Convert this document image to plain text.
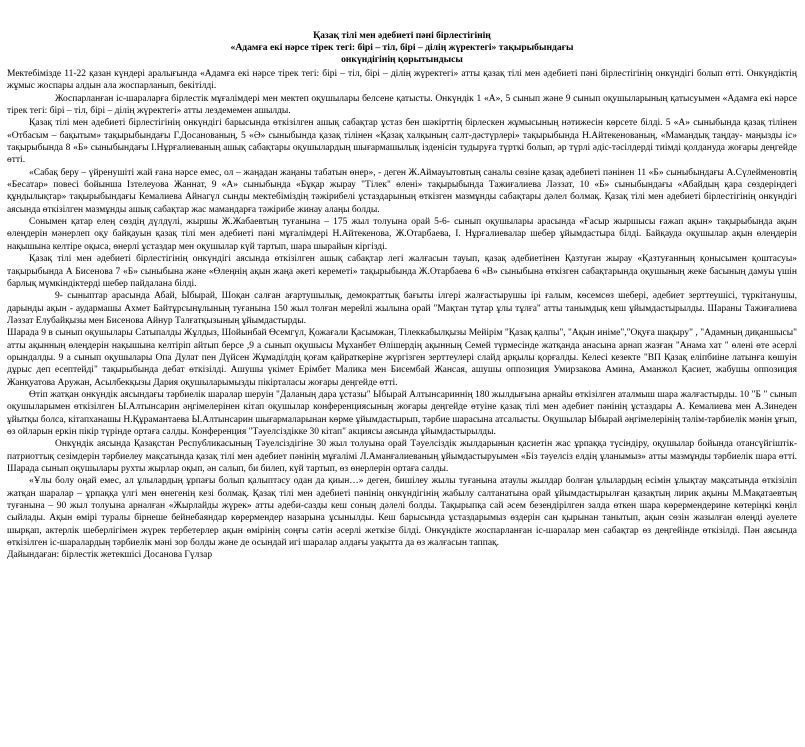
Қазақ тілі мен әдебиеті пәні бірлестігінің

«Адамға екі нәрсе тірек тегі: бірі – тіл, бірі – ділің жүректегі» тақырыбындағы

онкүндігінің қорытындысы

Мектебімізде 11-22 қазан күндері аралығында «Адамға екі нәрсе тірек тегі: бірі – тіл, бірі – ділің жүректегі» атты қазақ тілі мен әдебиеті пәні бірлестігінің онкүндігі болып өтті. Онкүндіктің жұмыс жоспары алдын ала жоспарланып, бекітілді.

Жоспарланған іс-шараларға бірлестік мұғалімдері мен мектеп оқушылары белсене қатысты. Онкүндік 1 «А», 5 сынып және 9 сынып оқушыларының қатысуымен «Адамға екі нәрсе тірек тегі: бірі – тіл, бірі – ділің жүректегі» атты лездемемен ашылды.

Қазақ тілі мен әдебиеті бірлестігінің онкүндігі барысында өткізілген ашық сабақтар ұстаз бен шәкірттің бірлескен жұмысының нәтижесін көрсете білді. 5 «А» сыныбында қазақ тілінен «Отбасым – бақытым» тақырыбындағы Г.Досанованың, 5 «Ә» сыныбында қазақ тілінен «Қазақ халқының салт-дәстүрлері» тақырыбында Н.Айтекенованың, «Мамандық таңдау- маңызды іс» тақырыбында 8 «Б» сыныбындағы І.Нұрғалиеваның ашық сабақтары оқушылардың шығармашылық ізденісін тудыруға түрткі болып, әр түрлі әдіс-тәсілдерді тиімді қолдануда жоғары деңгейде өтті.

«Сабақ беру – үйренушіті жай ғана нәрсе емес, ол – жаңадан жаңаны табатын өнер», - деген Ж.Аймауытовтың саналы сөзіне қазақ әдебиеті пәнінен 11 «Б» сыныбындағы А.Сүлейменовтің «Бесатар» повесі бойынша Ізтелеуова Жаннат, 9 «А» сыныбында «Бұқар жырау "Тілек" өлені» тақырыбында Тажиғалиева Ләззат, 10 «Б» сыныбындағы «Абайдың қара сөздеріндегі құндылықтар» тақырыбындағы Кемалиева Айнагүл сынды мектебіміздің тәжірибелі ұстаздарының өткізген мазмұнды сабақтары дәлел болмақ. Қазақ тілі мен әдебиеті бірлестігінің онкүндігі аясында өткізілген мазмұнды ашық сабақтар жас мамандарға тәжірибе жинау алаңы болды.

Сонымен қатар елең сөздің дүлдүлі, жыршы Ж.Жабаевтың туғанына – 175 жыл толуына орай 5-6- сынып оқушылары арасында «Ғасыр жыршысы ғажап ақын» тақырыбында ақын өлеңдерін мәнерлеп оқу байқауын қазақ тілі мен әдебиеті пәні мұғалімдері Н.Айтекенова, Ж.Отарбаева, І. Нұрғалиевалар шебер ұйымдастыра білді. Байқауда оқушылар ақын өлеңдерін нақышына келтіре оқыса, өнерлі ұстаздар мен оқушылар күй тартып, шара шырайын кіргізді.

Қазақ тілі мен әдебиеті бірлестігінің онкүндігі аясында өткізілген ашық сабақтар легі жалғасын тауып, қазақ әдебиетінен Қазтуған жырау «Қазтуғанның қонысымен қоштасуы» тақырыбында А Бисенова 7 «Б» сыныбына және «Өлеңнің ақын жаңа әкеті кереметі» тақырыбында Ж.Отарбаева 6 «В» сыныбына өткізген сабақтарында оқушының жеке басының дамуы үшін барлық мүмкіндіктерді шебер пайдалана білді.

9- сыныптар арасында Абай, Ыбырай, Шоқан салған ағартушылық, демократтық бағыты ілгері жалғастырушы ірі ғалым, көсемсөз шебері, әдебиет зерттеушісі, түркітанушы, дарынды ақын - аудармашы Ахмет Байтұрсынұлының туғанына 150 жыл толған мерейлі жылына орай "Мақтан тұтар ұлы тұлға" атты танымдық кеш ұйымдастырылды. Шараны Тажиғалиева Ләззат Елубайқызы мен Бисенова Айнур Талғатқызының ұйымдастырды.

Шарада 9 в сынып оқушылары Сатыпалды Жұлдыз, Шойынбай Өсемгүл, Қожағали Қасымжан, Тілеккабылқызы Мейірім "Қазақ қалпы", "Ақын иніме","Оқуға шақыру" , "Адамның диқаншысы" атты ақынның өлеңдерін нақышына келтіріп айтып берсе ,9 а сынып оқушысы Мұханбет Өлішердің ақынның Семей түрмесінде жатқанда анасына арнап жазған "Анама хат " өлені өте әсерлі орындалды. 9 а сынып оқушылары Опа Дулат пен Дүйсен Жұмаділдің қоғам қайраткеріне жүргізген зерттеулері слайд арқылы қорғалды. Келесі кезекте "ВП Қазақ еліпбиіне латынға көшуін дұрыс деп есептейді" тақырыбында дебат өткізілді. Ашушы үкімет Ерімбет Малика мен Бисембай Жансая, ашушы оппозиция Умирзакова Амина, Аманжол Қасиет, жабушы оппозиция Жанқуатова Аружан, Асылбекқызы Дария оқушыларымызды пікірталасы жоғары деңгейде өтті.

Өтіп жатқан онкүндік аясындағы тәрбиелік шаралар шеруін "Даланың дара ұстазы" Ыбырай Алтынсариннің 180 жылдығына арнайы өткізілген аталмыш шара жалғастырды. 10 "Б " сынып оқушыларымен өткізілген Ы.Алтынсарин әңгімелерінен кітап оқушылар конференциясының жоғары деңгейде өтуіне қазақ тілі мен әдебиет пәнінің ұстаздары А. Кемалиева мен А.Зинеден ұйытқы болса, кітапханашы Н.Құрамантаева Ы.Алтынсарин шығармаларынан көрме ұйымдастырып, тәрбие шарасына атсалысты. Оқушылар Ыбырай әңгімелерінің тәлім-тәрбиелік мәнін ұғып, өз ойларын еркін пікір түрінде ортаға салды. Конференция "Тәуелсіздікке 30 кітап" акциясы аясында ұйымдастырылды.

Онкүндік аясында Қазақстан Республикасының Тәуелсіздігіне 30 жыл толуына орай Тәуелсіздік жылдарынын қасиетін жас ұрпаққа түсіндіру, оқушылар бойында отансүйгіштік-патриоттық сезімдерін тәрбиелеу мақсатында қазақ тілі мен әдебиет пәнінің мұғалімі Л.Аманғалиеваның ұйымдастыруымен «Біз тәуелсіз елдің ұланымыз» атты мазмұнды тәрбиелік шара өтті. Шарада сынып оқушылары рухты жырлар оқып, ән салып, би билеп, күй тартып, өз өнерлерін ортаға салды.

«Ұлы болу оңай емес, ал ұлылардың ұрпағы болып қалыптасу одан да қиын…» деген, бишілеу жылы туғанына атаулы жылдар болған ұлылардың есімін ұлықтау мақсатында өткізіліп жатқан шаралар – ұрпаққа үлгі мен өнегенің кезі болмақ. Қазақ тілі мен әдебиеті пәнінің онкүндігінің жабылу салтанатына орай ұйымдастырылған қазақтың лирик ақыны М.Мақатаевтың туғанына – 90 жыл толуына арналған «Жырлайды жүрек» атты әдеби-сазды кеш соның дәлелі болды. Тақырыпқа сай әсем безендірілген залда өткен шара көрермендерине көтеріңкі көңіл сыйлады. Ақын өмірі туралы бірнеше бейнебаяндар көрермендер назарына ұсынылды. Кеш барысында ұстаздарымыз өздерін сан қырынан танытып, ақын сөзін жазылған өлеңді әуелете шырқап, актерлік шеберлігімен жүрек тербетерлер ақын өмірінің соңғы сәтін әсерлі жеткізе білді. Онкүндікте жоспарланған іс-шаралар мен сабақтар өз деңгейінде өткізілді. Пән аясында өткізілген іс-шаралардың тәрбиелік мәні зор болды және де осындай игі шаралар алдағы уақытта да өз жалғасын таппақ.

Дайындаған: бірлестік жетекшісі Досанова Гүлзар
